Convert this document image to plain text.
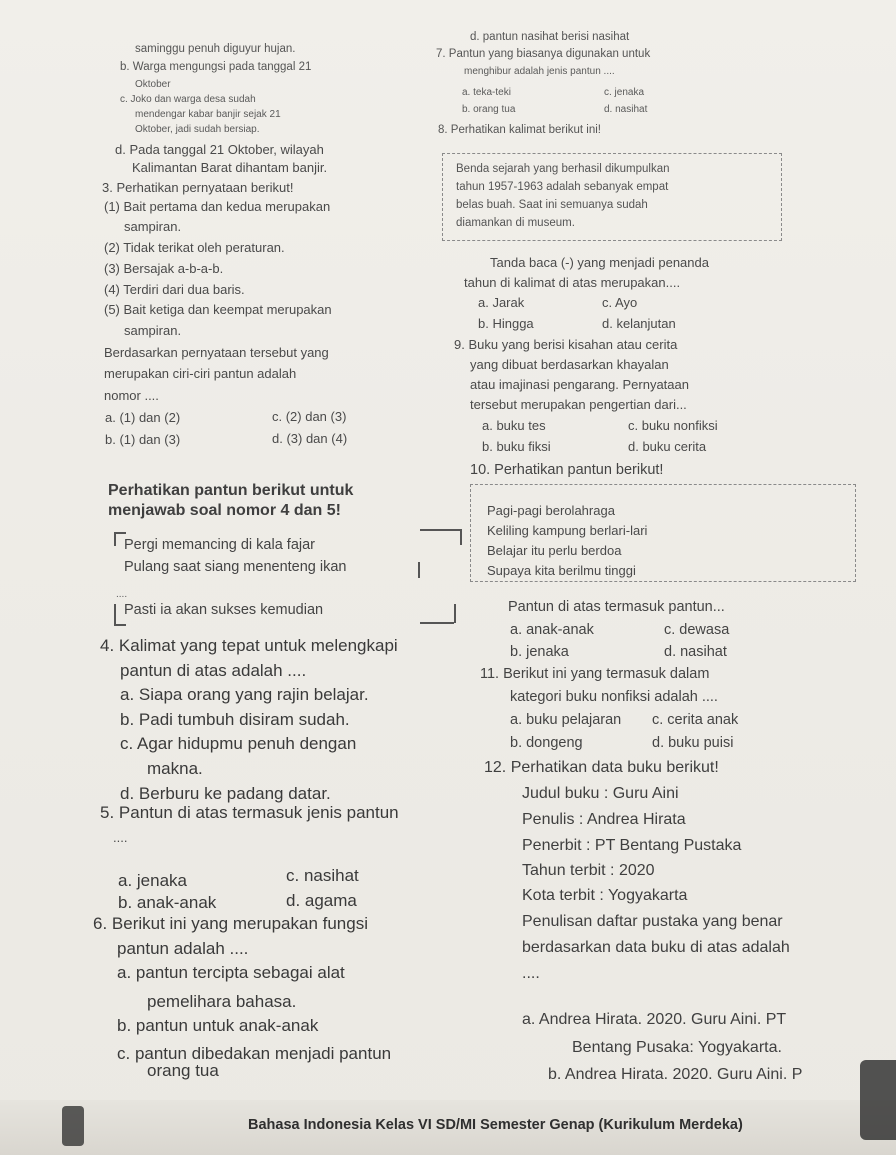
saminggu penuh diguyur hujan.
b. Warga mengungsi pada tanggal 21
Oktober
c. Joko dan warga desa sudah
mendengar kabar banjir sejak 21
Oktober, jadi sudah bersiap.
d. Pada tanggal 21 Oktober, wilayah
Kalimantan Barat dihantam banjir.
3. Perhatikan pernyataan berikut!
(1) Bait pertama dan kedua merupakan
sampiran.
(2) Tidak terikat oleh peraturan.
(3) Bersajak a-b-a-b.
(4) Terdiri dari dua baris.
(5) Bait ketiga dan keempat merupakan
sampiran.
Berdasarkan pernyataan tersebut yang
merupakan ciri-ciri pantun adalah
nomor ....
a. (1) dan (2)	c. (2) dan (3)
b. (1) dan (3)	d. (3) dan (4)
d. pantun nasihat berisi nasihat
7. Pantun yang biasanya digunakan untuk
menghibur adalah jenis pantun ....
a. teka-teki	c. jenaka
b. orang tua	d. nasihat
8. Perhatikan kalimat berikut ini!
Benda sejarah yang berhasil dikumpulkan
tahun 1957-1963 adalah sebanyak empat
belas buah. Saat ini semuanya sudah
diamankan di museum.
Tanda baca (-) yang menjadi penanda
tahun di kalimat di atas merupakan....
a. Jarak	c. Ayo
b. Hingga	d. kelanjutan
9. Buku yang berisi kisahan atau cerita
yang dibuat berdasarkan khayalan
atau imajinasi pengarang. Pernyataan
tersebut merupakan pengertian dari...
a. buku tes	c. buku nonfiksi
b. buku fiksi	d. buku cerita
10. Perhatikan pantun berikut!
Pagi-pagi berolahraga
Keliling kampung berlari-lari
Belajar itu perlu berdoa
Supaya kita berilmu tinggi
Pantun di atas termasuk pantun...
a. anak-anak	c. dewasa
b. jenaka	d. nasihat
11. Berikut ini yang termasuk dalam
kategori buku nonfiksi adalah ....
a. buku pelajaran c. cerita anak
b. dongeng	d. buku puisi
12. Perhatikan data buku berikut!
Judul buku : Guru Aini
Penulis : Andrea Hirata
Penerbit : PT Bentang Pustaka
Tahun terbit : 2020
Kota terbit : Yogyakarta
Penulisan daftar pustaka yang benar
berdasarkan data buku di atas adalah
....
a. Andrea Hirata. 2020. Guru Aini. PT
Bentang Pusaka: Yogyakarta.
b. Andrea Hirata. 2020. Guru Aini. P
Perhatikan pantun berikut untuk
menjawab soal nomor 4 dan 5!
Pergi memancing di kala fajar
Pulang saat siang menenteng ikan
....
Pasti ia akan sukses kemudian
4. Kalimat yang tepat untuk melengkapi
pantun di atas adalah ....
a. Siapa orang yang rajin belajar.
b. Padi tumbuh disiram sudah.
c. Agar hidupmu penuh dengan
makna.
d. Berburu ke padang datar.
5. Pantun di atas termasuk jenis pantun
....
a. jenaka	c. nasihat
b. anak-anak	d. agama
6. Berikut ini yang merupakan fungsi
pantun adalah ....
a. pantun tercipta sebagai alat
pemelihara bahasa.
b. pantun untuk anak-anak
c. pantun dibedakan menjadi pantun
orang tua
Bahasa Indonesia Kelas VI SD/MI Semester Genap (Kurikulum Merdeka)
